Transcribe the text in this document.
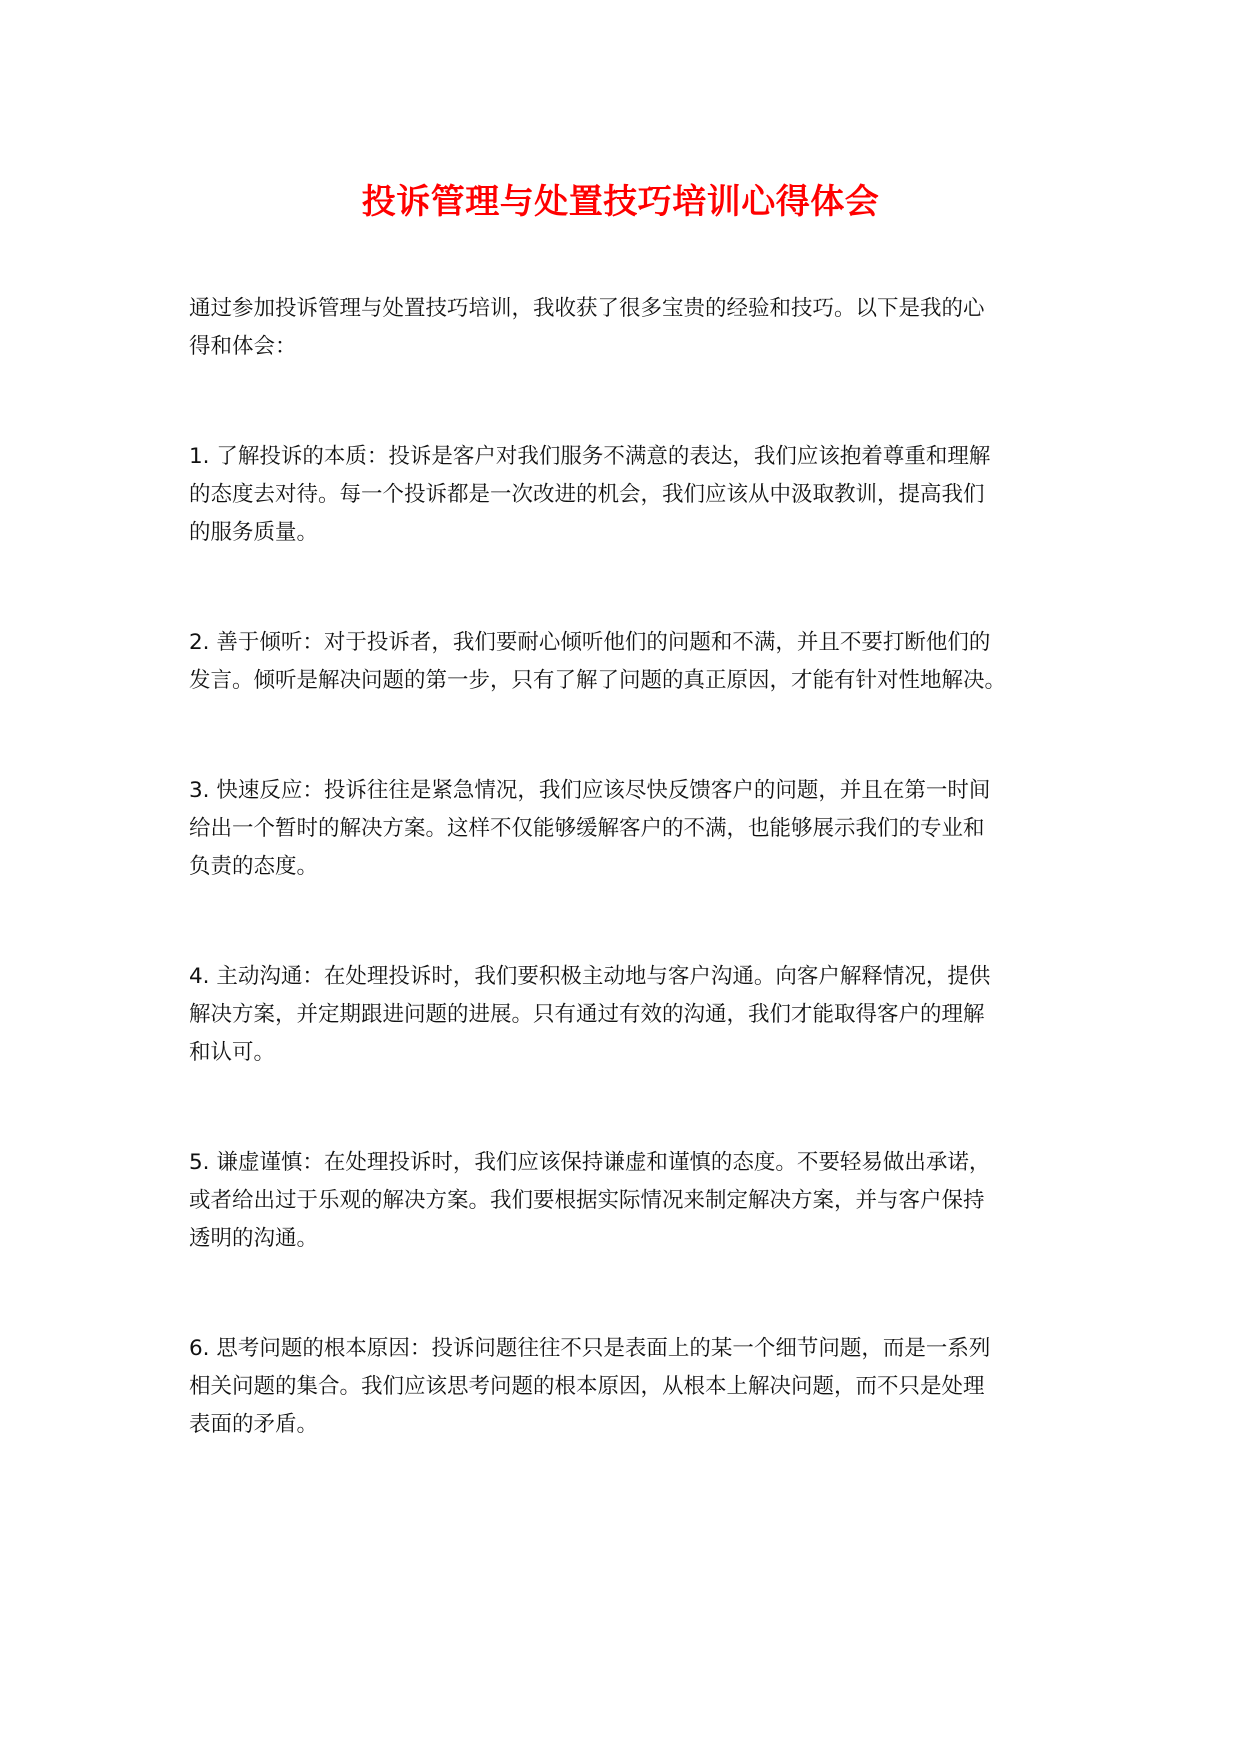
投诉管理与处置技巧培训心得体会

通过参加投诉管理与处置技巧培训，我收获了很多宝贵的经验和技巧。以下是我的心
得和体会：

1. 了解投诉的本质：投诉是客户对我们服务不满意的表达，我们应该抱着尊重和理解
的态度去对待。每一个投诉都是一次改进的机会，我们应该从中汲取教训，提高我们
的服务质量。

2. 善于倾听：对于投诉者，我们要耐心倾听他们的问题和不满，并且不要打断他们的
发言。倾听是解决问题的第一步，只有了解了问题的真正原因，才能有针对性地解决。

3. 快速反应：投诉往往是紧急情况，我们应该尽快反馈客户的问题，并且在第一时间
给出一个暂时的解决方案。这样不仅能够缓解客户的不满，也能够展示我们的专业和
负责的态度。

4. 主动沟通：在处理投诉时，我们要积极主动地与客户沟通。向客户解释情况，提供
解决方案，并定期跟进问题的进展。只有通过有效的沟通，我们才能取得客户的理解
和认可。

5. 谦虚谨慎：在处理投诉时，我们应该保持谦虚和谨慎的态度。不要轻易做出承诺，
或者给出过于乐观的解决方案。我们要根据实际情况来制定解决方案，并与客户保持
透明的沟通。

6. 思考问题的根本原因：投诉问题往往不只是表面上的某一个细节问题，而是一系列
相关问题的集合。我们应该思考问题的根本原因，从根本上解决问题，而不只是处理
表面的矛盾。
